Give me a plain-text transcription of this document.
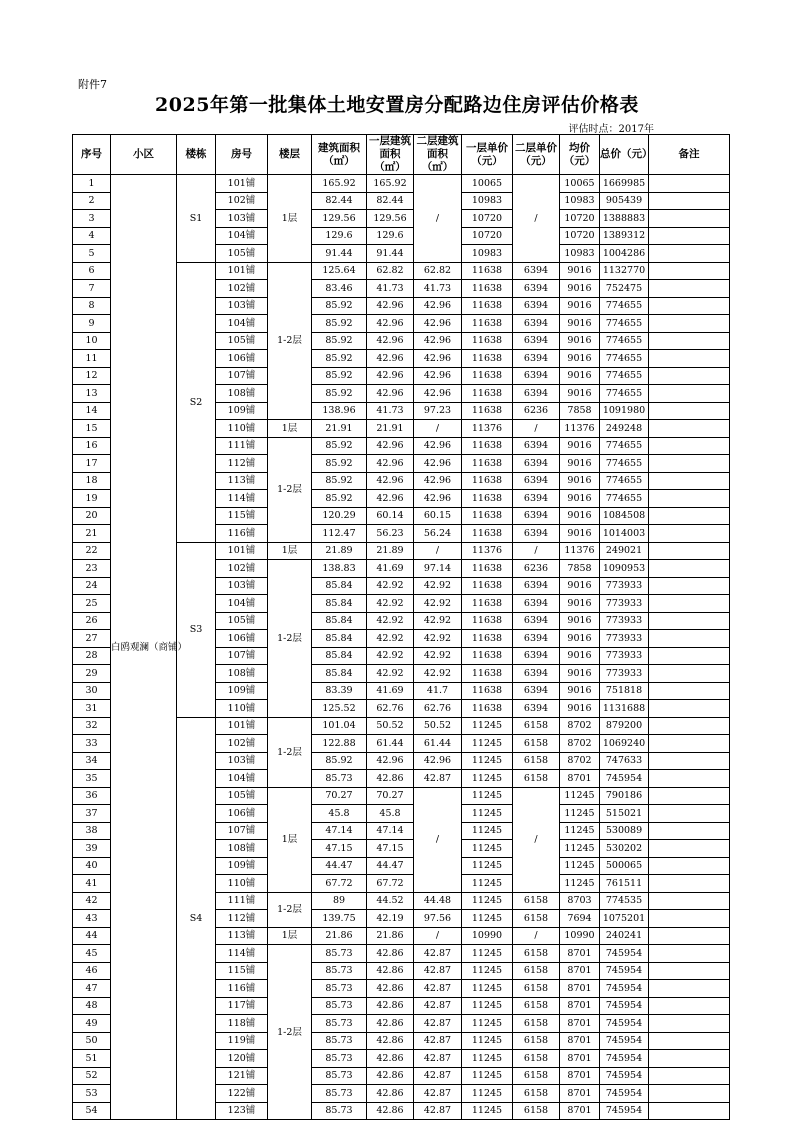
附件7
2025年第一批集体土地安置房分配路边住房评估价格表
评估时点：2017年
序号	小区	楼栋	房号	楼层	建筑面积（㎡）	一层建筑面积（㎡）	二层建筑面积（㎡）	一层单价（元）	二层单价（元）	均价（元）	总价（元）	备注
1	白鸥观澜（商铺）	S1	101铺	1层	165.92	165.92	/	10065	/	10065	1669985	
2			102铺		82.44	82.44		10983		10983	905439	
3			103铺		129.56	129.56		10720		10720	1388883	
4			104铺		129.6	129.6		10720		10720	1389312	
5			105铺		91.44	91.44		10983		10983	1004286	
6		S2	101铺	1-2层	125.64	62.82	62.82	11638	6394	9016	1132770	
7			102铺		83.46	41.73	41.73	11638	6394	9016	752475	
8			103铺		85.92	42.96	42.96	11638	6394	9016	774655	
9			104铺		85.92	42.96	42.96	11638	6394	9016	774655	
10			105铺		85.92	42.96	42.96	11638	6394	9016	774655	
11			106铺		85.92	42.96	42.96	11638	6394	9016	774655	
12			107铺		85.92	42.96	42.96	11638	6394	9016	774655	
13			108铺		85.92	42.96	42.96	11638	6394	9016	774655	
14			109铺		138.96	41.73	97.23	11638	6236	7858	1091980	
15			110铺	1层	21.91	21.91	/	11376	/	11376	249248	
16			111铺	1-2层	85.92	42.96	42.96	11638	6394	9016	774655	
17			112铺		85.92	42.96	42.96	11638	6394	9016	774655	
18			113铺		85.92	42.96	42.96	11638	6394	9016	774655	
19			114铺		85.92	42.96	42.96	11638	6394	9016	774655	
20			115铺		120.29	60.14	60.15	11638	6394	9016	1084508	
21			116铺		112.47	56.23	56.24	11638	6394	9016	1014003	
22		S3	101铺	1层	21.89	21.89	/	11376	/	11376	249021	
23			102铺	1-2层	138.83	41.69	97.14	11638	6236	7858	1090953	
24			103铺		85.84	42.92	42.92	11638	6394	9016	773933	
25			104铺		85.84	42.92	42.92	11638	6394	9016	773933	
26			105铺		85.84	42.92	42.92	11638	6394	9016	773933	
27			106铺		85.84	42.92	42.92	11638	6394	9016	773933	
28			107铺		85.84	42.92	42.92	11638	6394	9016	773933	
29			108铺		85.84	42.92	42.92	11638	6394	9016	773933	
30			109铺		83.39	41.69	41.7	11638	6394	9016	751818	
31			110铺		125.52	62.76	62.76	11638	6394	9016	1131688	
32		S4	101铺	1-2层	101.04	50.52	50.52	11245	6158	8702	879200	
33			102铺		122.88	61.44	61.44	11245	6158	8702	1069240	
34			103铺		85.92	42.96	42.96	11245	6158	8702	747633	
35			104铺		85.73	42.86	42.87	11245	6158	8701	745954	
36			105铺	1层	70.27	70.27	/	11245	/	11245	790186	
37			106铺		45.8	45.8		11245		11245	515021	
38			107铺		47.14	47.14		11245		11245	530089	
39			108铺		47.15	47.15		11245		11245	530202	
40			109铺		44.47	44.47		11245		11245	500065	
41			110铺		67.72	67.72		11245		11245	761511	
42			111铺	1-2层	89	44.52	44.48	11245	6158	8703	774535	
43			112铺		139.75	42.19	97.56	11245	6158	7694	1075201	
44			113铺	1层	21.86	21.86	/	10990	/	10990	240241	
45			114铺	1-2层	85.73	42.86	42.87	11245	6158	8701	745954	
46			115铺		85.73	42.86	42.87	11245	6158	8701	745954	
47			116铺		85.73	42.86	42.87	11245	6158	8701	745954	
48			117铺		85.73	42.86	42.87	11245	6158	8701	745954	
49			118铺		85.73	42.86	42.87	11245	6158	8701	745954	
50			119铺		85.73	42.86	42.87	11245	6158	8701	745954	
51			120铺		85.73	42.86	42.87	11245	6158	8701	745954	
52			121铺		85.73	42.86	42.87	11245	6158	8701	745954	
53			122铺		85.73	42.86	42.87	11245	6158	8701	745954	
54			123铺		85.73	42.86	42.87	11245	6158	8701	745954	
